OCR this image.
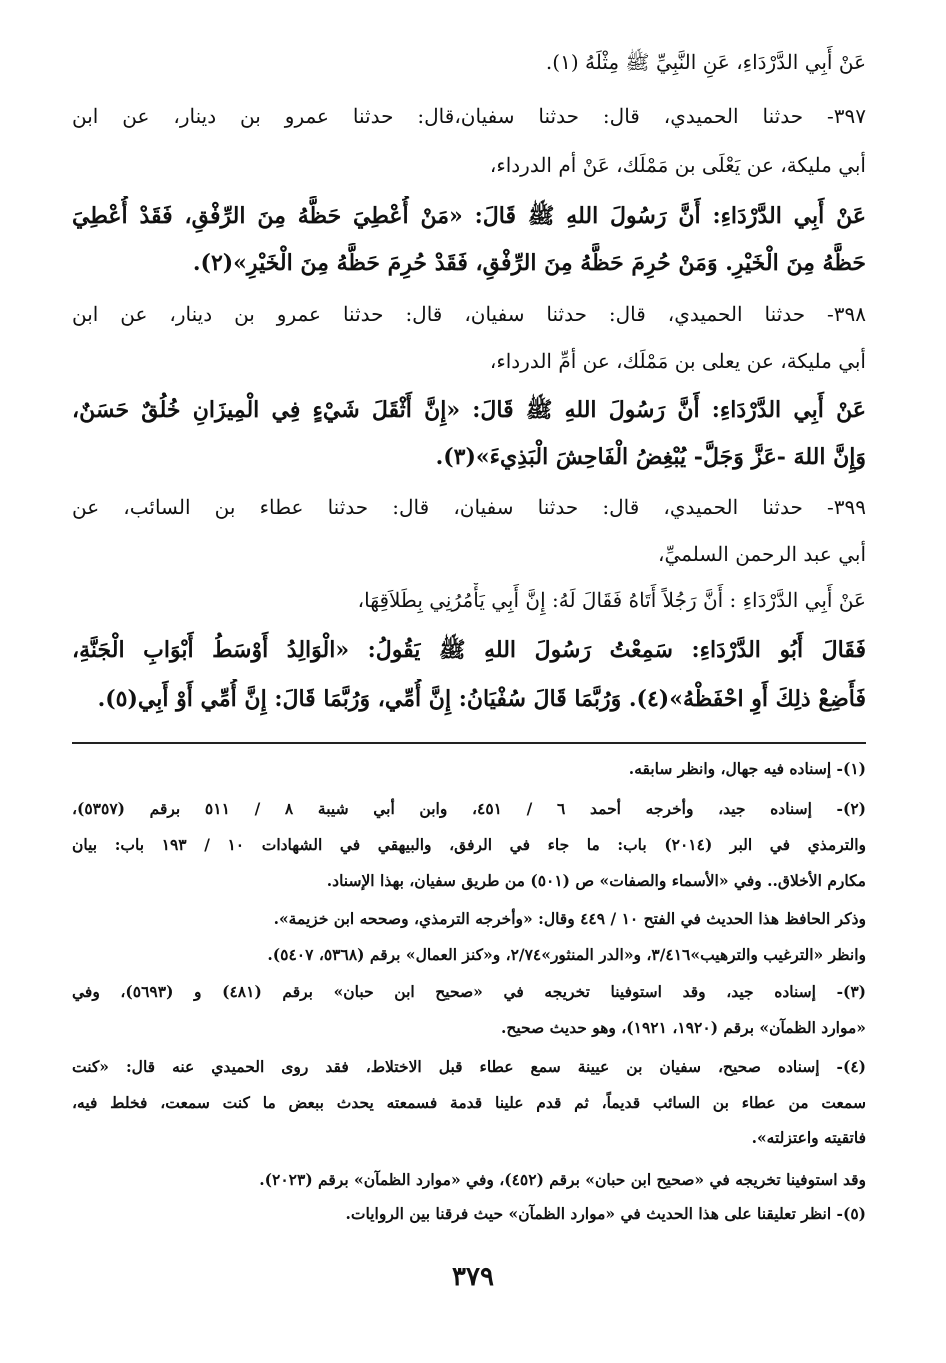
عَنْ أَبِي الدَّرْدَاءِ، عَنِ النَّبِيِّ ﷺ مِثْلَهُ (١).
٣٩٧- حدثنا الحميدي، قال: حدثنا سفيان،قال: حدثنا عمرو بن دينار، عن ابن
أبي مليكة، عن يَعْلَى بن مَمْلَك، عَنْ أم الدرداء،
عَنْ أَبِي الدَّرْدَاءِ: أَنَّ رَسُولَ اللهِ ﷺ قَالَ: «مَنْ أُعْطِيَ حَظَّهُ مِنَ الرِّفْقِ، فَقَدْ أُعْطِيَ
حَظَّهُ مِنَ الْخَيْرِ. وَمَنْ حُرِمَ حَظَّهُ مِنَ الرِّفْقِ، فَقَدْ حُرِمَ حَظَّهُ مِنَ الْخَيْرِ»(٢).
٣٩٨- حدثنا الحميدي، قال: حدثنا سفيان، قال: حدثنا عمرو بن دينار، عن ابن
أبي مليكة، عن يعلى بن مَمْلَك، عن أمِّ الدرداء،
عَنْ أَبِي الدَّرْدَاءِ: أَنَّ رَسُولَ اللهِ ﷺ قَالَ: «إِنَّ أَثْقَلَ شَيْءٍ فِي الْمِيزَانِ خُلُقٌ حَسَنٌ،
وَإِنَّ اللهَ -عَزَّ وَجَلَّ- يُبْغِضُ الْفَاحِشَ الْبَذِيءَ»(٣).
٣٩٩- حدثنا الحميدي، قال: حدثنا سفيان، قال: حدثنا عطاء بن السائب، عن
أبي عبد الرحمن السلميِّ،
عَنْ أَبِي الدَّرْدَاءِ : أَنَّ رَجُلاً أَتَاهُ فَقَالَ لَهُ: إِنَّ أَبِي يَأْمُرُنِي بِطَلاَقِهَا،
فَقَالَ أَبُو الدَّرْدَاءِ: سَمِعْتُ رَسُولَ اللهِ ﷺ يَقُولُ: «الْوَالِدُ أَوْسَطُ أَبْوَابِ الْجَنَّةِ،
فَأَضِعْ ذلِكَ أَوِ احْفَظْهُ»(٤). وَرُبَّمَا قَالَ سُفْيَانُ: إِنَّ أُمِّي، وَرُبَّمَا قَالَ: إِنَّ أُمِّي أَوْ أَبِي(٥).
(١)- إسناده فيه جهال، وانظر سابقه.
(٢)- إسناده جيد، وأخرجه أحمد ٦ / ٤٥١، وابن أبي شيبة ٨ / ٥١١ برقم (٥٣٥٧)،
والترمذي في البر (٢٠١٤) باب: ما جاء في الرفق، والبيهقي في الشهادات ١٠ / ١٩٣ باب: بيان
مكارم الأخلاق.. وفي «الأسماء والصفات» ص (٥٠١) من طريق سفيان، بهذا الإسناد.
وذكر الحافظ هذا الحديث في الفتح ١٠ / ٤٤٩ وقال: «وأخرجه الترمذي، وصححه ابن خزيمة».
وانظر «الترغيب والترهيب»٣/٤١٦، و«الدر المنثور»٢/٧٤، و«كنز العمال» برقم (٥٣٦٨، ٥٤٠٧).
(٣)- إسناده جيد، وقد استوفينا تخريجه في «صحيح ابن حبان» برقم (٤٨١) و (٥٦٩٣)، وفي
«موارد الظمآن» برقم (١٩٢٠، ١٩٢١)، وهو حديث صحيح.
(٤)- إسناده صحيح، سفيان بن عيينة سمع عطاء قبل الاختلاط، فقد روى الحميدي عنه قال: «كنت
سمعت من عطاء بن السائب قديماً، ثم قدم علينا قدمة فسمعته يحدث ببعض ما كنت سمعت، فخلط فيه،
فاتقيته واعتزلته».
وقد استوفينا تخريجه في «صحيح ابن حبان» برقم (٤٥٢)، وفي «موارد الظمآن» برقم (٢٠٢٣).
(٥)- انظر تعليقنا على هذا الحديث في «موارد الظمآن» حيث فرقنا بين الروايات.
٣٧٩
